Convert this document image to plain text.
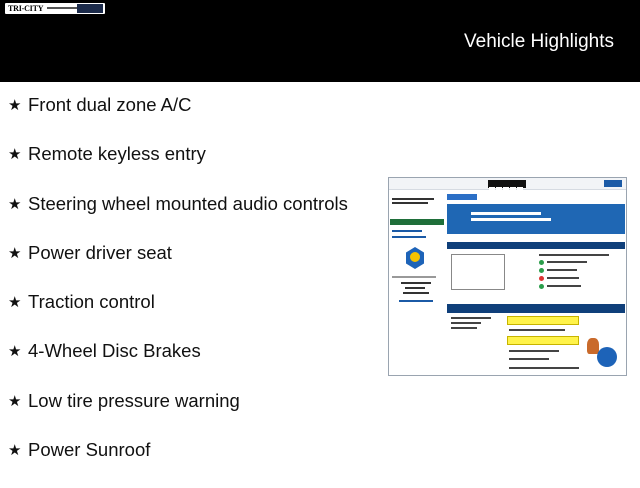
TRI-CITY
Vehicle Highlights
★ Front dual zone A/C
★ Remote keyless entry
★ Steering wheel mounted audio controls
★ Power driver seat
★ Traction control
★ 4-Wheel Disc Brakes
★ Low tire pressure warning
★ Power Sunroof
